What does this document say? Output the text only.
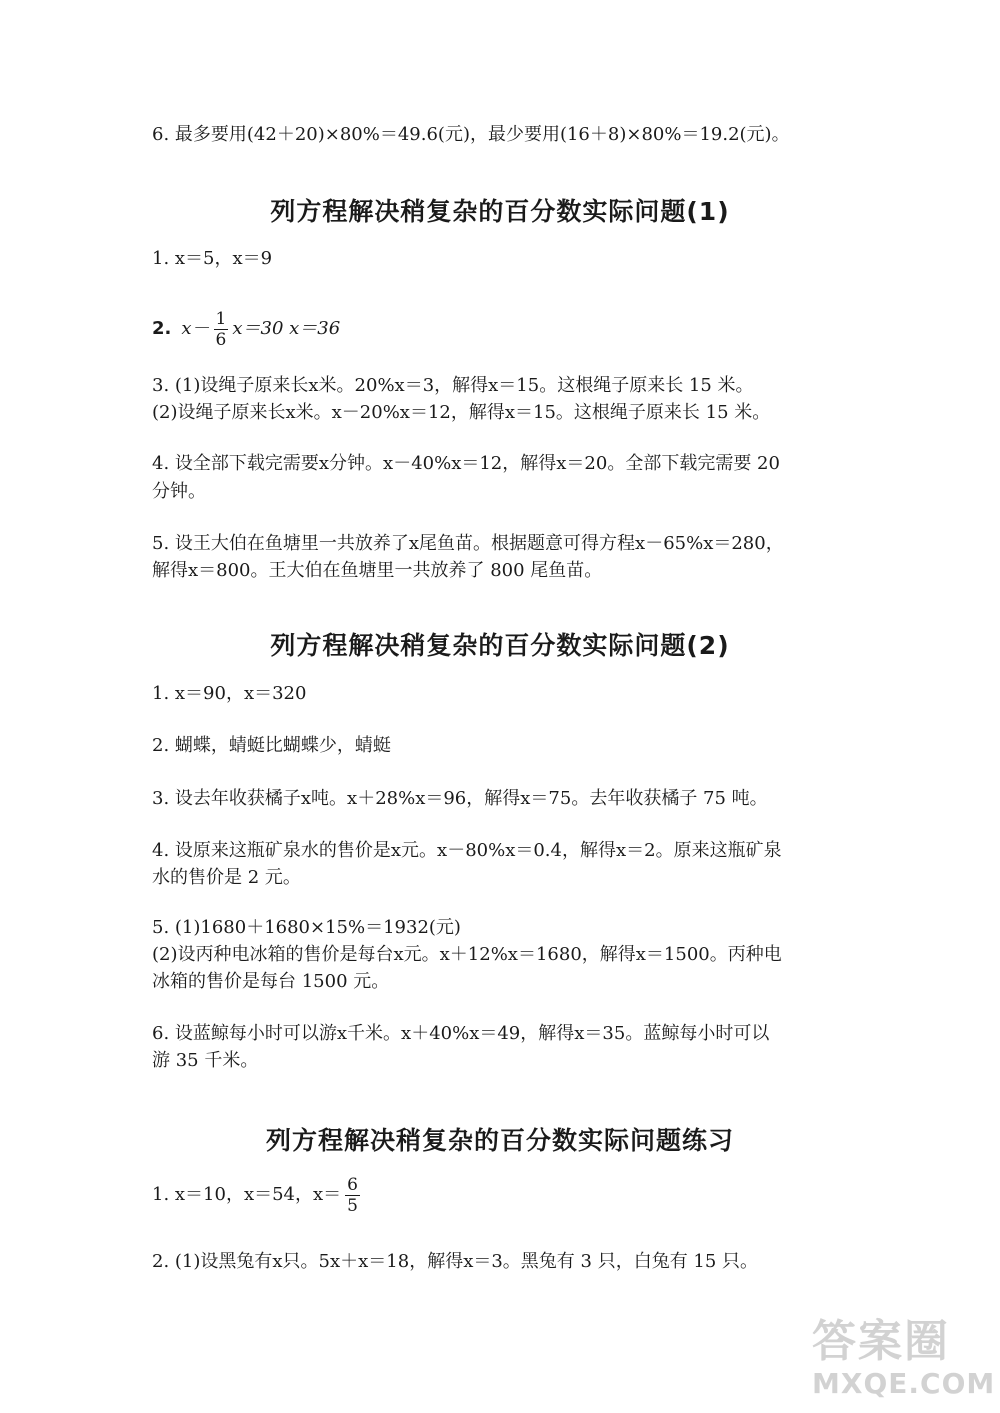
6. 最多要用(42＋20)×80%＝49.6(元)，最少要用(16＋8)×80%＝19.2(元)。
列方程解决稍复杂的百分数实际问题(1)
1. x＝5，x＝9
2. $x- \frac{1}{6} x=30$ x＝36
3. (1)设绳子原来长x米。20%x＝3，解得x＝15。这根绳子原来长 15 米。
(2)设绳子原来长x米。x－20%x＝12，解得x＝15。这根绳子原来长 15 米。
4. 设全部下载完需要x分钟。x－40%x＝12，解得x＝20。全部下载完需要 20
分钟。
5. 设王大伯在鱼塘里一共放养了x尾鱼苗。根据题意可得方程x－65%x＝280，
解得x＝800。王大伯在鱼塘里一共放养了 800 尾鱼苗。
列方程解决稍复杂的百分数实际问题(2)
1. x＝90，x＝320
2. 蝴蝶，蜻蜓比蝴蝶少，蜻蜓
3. 设去年收获橘子x吨。x＋28%x＝96，解得x＝75。去年收获橘子 75 吨。
4. 设原来这瓶矿泉水的售价是x元。x－80%x＝0.4，解得x＝2。原来这瓶矿泉
水的售价是 2 元。
5. (1)1680＋1680×15%＝1932(元)
(2)设丙种电冰箱的售价是每台x元。x＋12%x＝1680，解得x＝1500。丙种电
冰箱的售价是每台 1500 元。
6. 设蓝鲸每小时可以游x千米。x＋40%x＝49，解得x＝35。蓝鲸每小时可以
游 35 千米。
列方程解决稍复杂的百分数实际问题练习
1. x＝10，x＝54，$x= \frac{6}{5}$
2. (1)设黑兔有x只。5x＋x＝18，解得x＝3。黑兔有 3 只，白兔有 15 只。
答案圈
MXQE.COM
